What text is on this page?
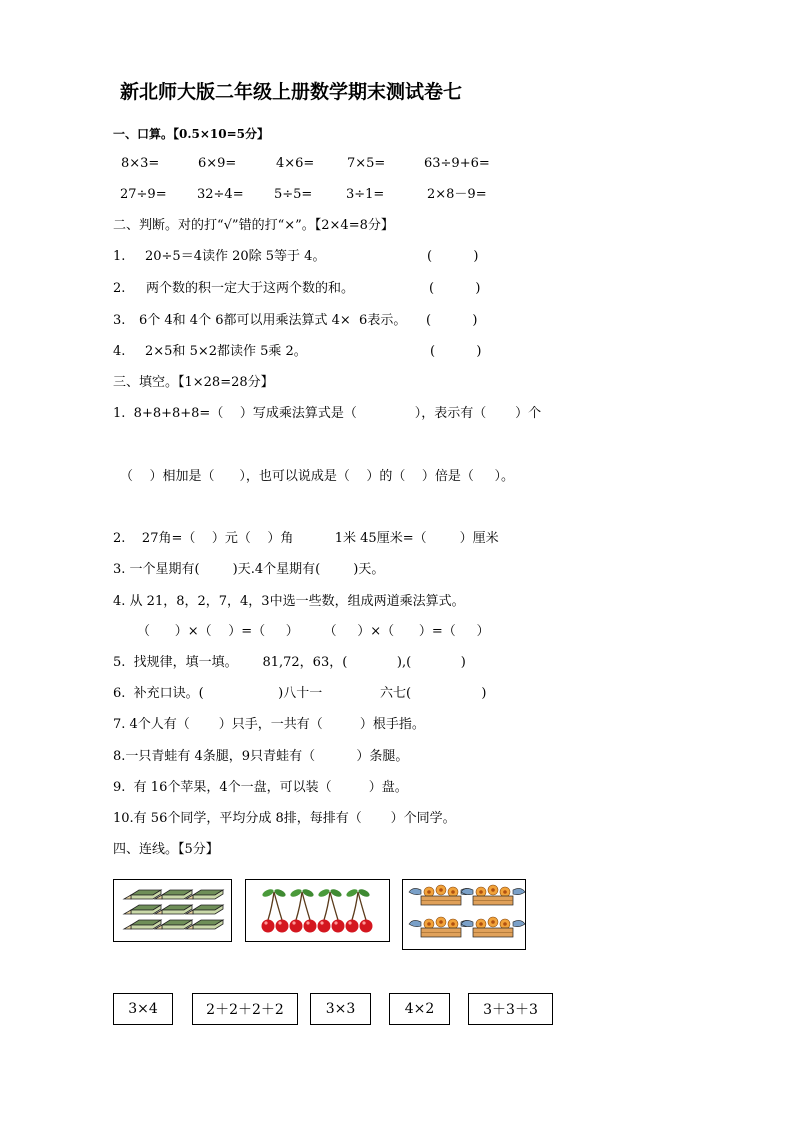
新北师大版二年级上册数学期末测试卷七
一、口算。【0.5×10=5分】
8×3=	6×9=	4×6=	7×5=	63÷9+6=
27÷9= 32÷4= 5÷5=	3÷1=	2×8－9=
二、判断。对的打“√”错的打“×”。【2×4=8分】
1. 20÷5＝4读作 20除 5等于 4。	(          )
2. 两个数的积一定大于这两个数的和。	(          )
3. 6个 4和 4个 6都可以用乘法算式 4×  6表示。 (          )
4. 2×5和 5×2都读作 5乘 2。	(          )
三、填空。【1×28=28分】
1.  8+8+8+8=（    ）写成乘法算式是（              ），表示有（       ）个
（    ）相加是（      ），也可以说成是（    ）的（    ）倍是（     ）。
2.    27角=（    ）元（    ）角          1米 45厘米=（        ）厘米
3. 一个星期有(        )天.4个星期有(        )天。
4. 从 21，8，2，7，4，3中选一些数，组成两道乘法算式。
（      ）×（    ）=（     ）      （     ）×（      ）=（     ）
5.  找规律，填一填。      81,72，63，(            ),(            )
6.  补充口诀。(                  )八十一              六七(                 )
7. 4个人有（       ）只手，一共有（         ）根手指。
8.一只青蛙有 4条腿，9只青蛙有（          ）条腿。
9.  有 16个苹果，4个一盘，可以装（         ）盘。
10.有 56个同学，平均分成 8排，每排有（       ）个同学。
四、连线。【5分】
3×4	2＋2＋2＋2	3×3	4×2	3＋3＋3
